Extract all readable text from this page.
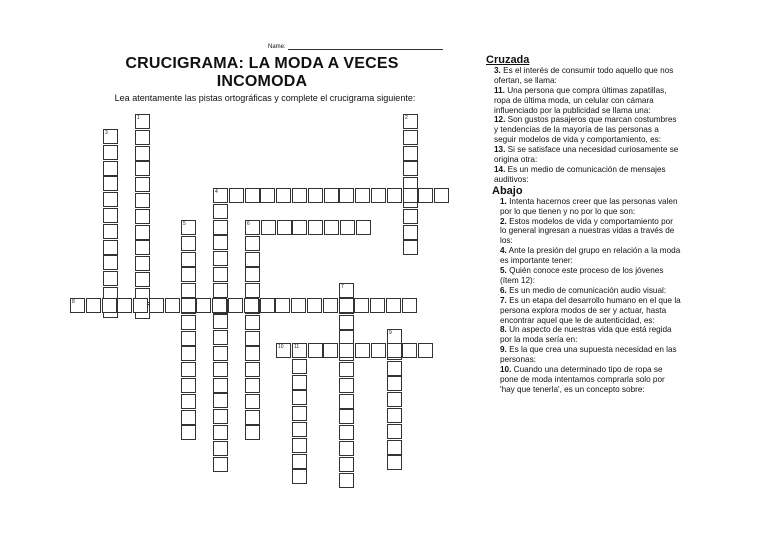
Name:
CRUCIGRAMA: LA MODA A VECES
INCOMODA
Lea atentamente las pistas ortográficas y complete el crucigrama siguiente:
1	2
3
4
5	6
7
8
9
10 11
Cruzada
3. Es el interés de consumir todo aquello que nos ofertan, se llama:
11. Una persona que compra últimas zapatillas, ropa de última moda, un celular con cámara influenciado por la publicidad se llama una:
12. Son gustos pasajeros que marcan costumbres y tendencias de la mayoría de las personas a seguir modelos de vida y comportamiento, es:
13. Si se satisface una necesidad curiosamente se origina otra:
14. Es un medio de comunicación de mensajes auditivos:
Abajo
1. Intenta hacernos creer que las personas valen por lo que tienen y no por lo que son:
2. Estos modelos de vida y comportamiento por lo general ingresan a nuestras vidas a través de los:
4. Ante la presión del grupo en relación a la moda es importante tener:
5. Quién conoce este proceso de los jóvenes (ítem 12):
6. Es un medio de comunicación audio visual:
7. Es un etapa del desarrollo humano en el que la persona explora modos de ser y actuar, hasta encontrar aquel que le de autenticidad, es:
8. Un aspecto de nuestras vida que está regida por la moda sería en:
9. Es la que crea una supuesta necesidad en las personas:
10. Cuando una determinado tipo de ropa se pone de moda intentamos comprarla solo por 'hay que tenerla', es un concepto sobre:
